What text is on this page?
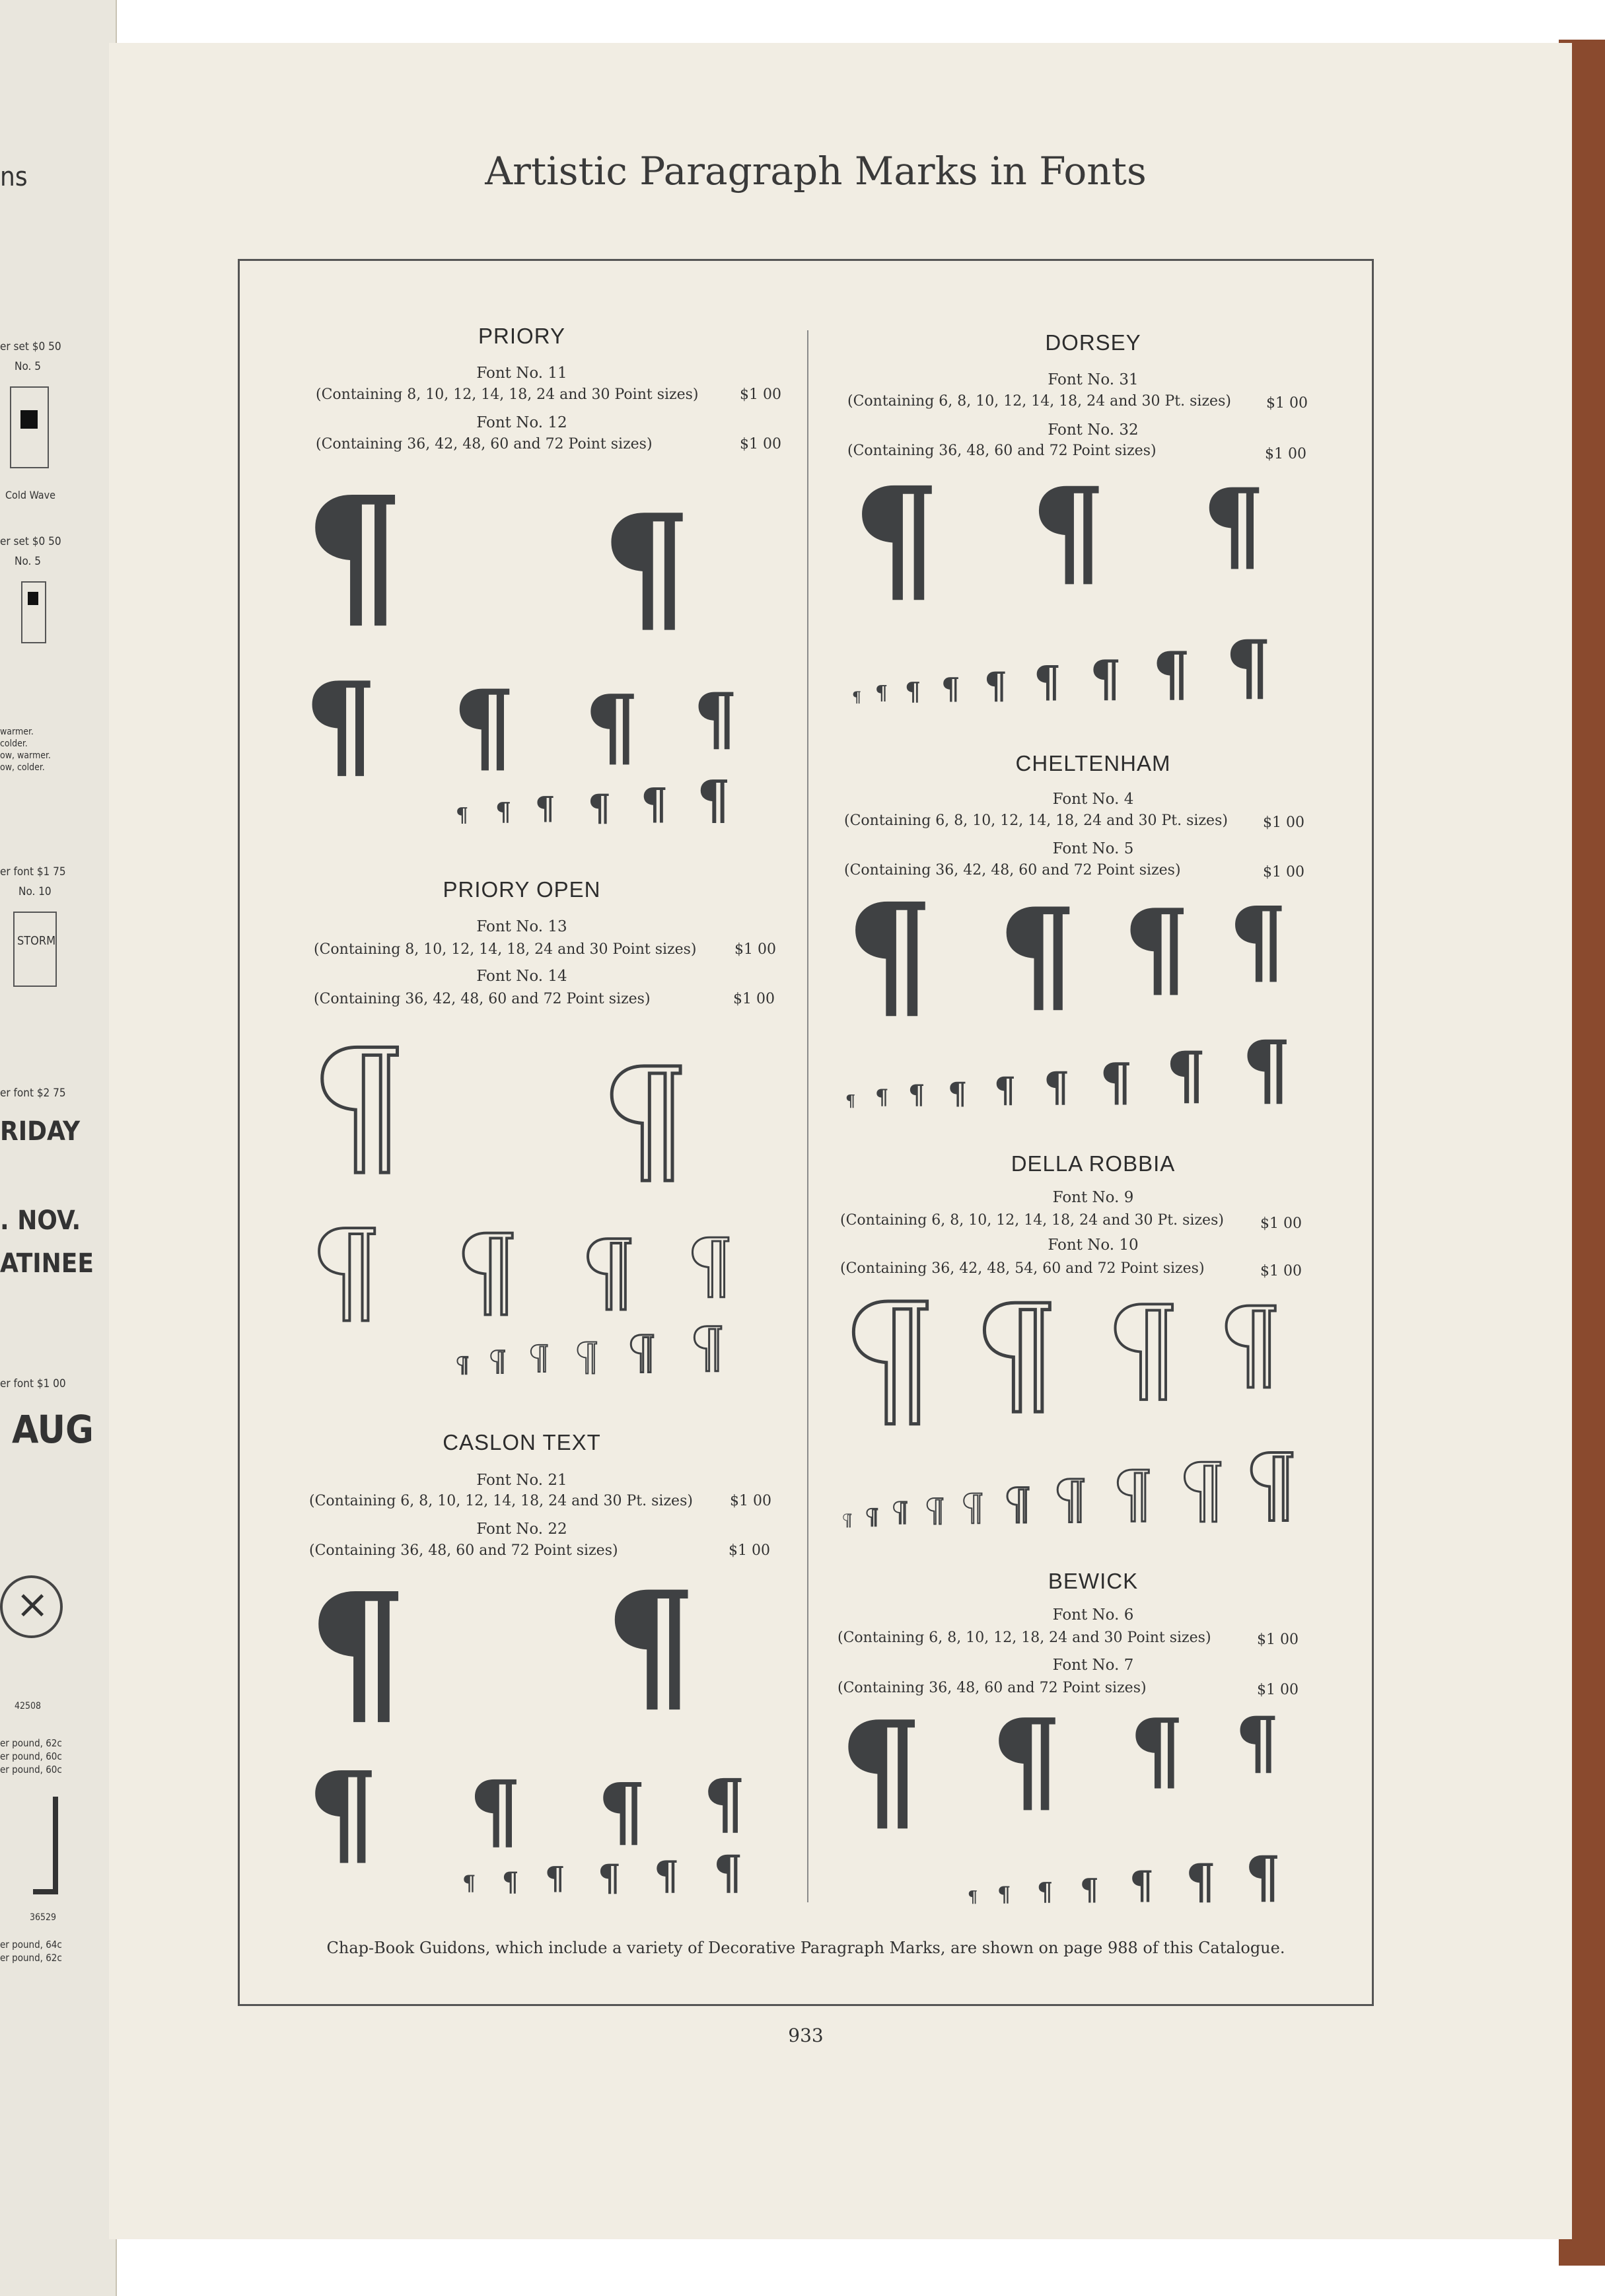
ns
er set $0 50
No. 5
Cold Wave
er set $0 50
No. 5
warmer.
colder.
ow, warmer.
ow, colder.
er font $1 75
No. 10
STORM
er font $2 75
RIDAY
. NOV.
ATINEE
er font $1 00
AUG
×
42508
er pound, 62c
er pound, 60c
er pound, 60c
36529
er pound, 64c
er pound, 62c
Artistic Paragraph Marks in Fonts
PRIORY
Font No. 11
(Containing 8, 10, 12, 14, 18, 24 and 30 Point sizes)	$1 00
Font No. 12
(Containing 36, 42, 48, 60 and 72 Point sizes)	$1 00
¶ ¶
¶ ¶ ¶ ¶
¶ ¶ ¶ ¶ ¶ ¶
PRIORY OPEN
Font No. 13
(Containing 8, 10, 12, 14, 18, 24 and 30 Point sizes)	$1 00
Font No. 14
(Containing 36, 42, 48, 60 and 72 Point sizes)	$1 00
¶ ¶
¶ ¶ ¶ ¶
¶ ¶ ¶ ¶ ¶ ¶
CASLON TEXT
Font No. 21
(Containing 6, 8, 10, 12, 14, 18, 24 and 30 Pt. sizes)	$1 00
Font No. 22
(Containing 36, 48, 60 and 72 Point sizes)	$1 00
¶ ¶
¶ ¶ ¶ ¶
¶ ¶ ¶ ¶ ¶ ¶
DORSEY
Font No. 31
(Containing 6, 8, 10, 12, 14, 18, 24 and 30 Pt. sizes) $1 00
Font No. 32
(Containing 36, 48, 60 and 72 Point sizes)	$1 00
¶ ¶ ¶
¶ ¶ ¶ ¶ ¶ ¶ ¶ ¶ ¶
CHELTENHAM
Font No. 4
(Containing 6, 8, 10, 12, 14, 18, 24 and 30 Pt. sizes) $1 00
Font No. 5
(Containing 36, 42, 48, 60 and 72 Point sizes)	$1 00
¶ ¶ ¶ ¶
¶ ¶ ¶ ¶ ¶ ¶ ¶ ¶ ¶
DELLA ROBBIA
Font No. 9
(Containing 6, 8, 10, 12, 14, 18, 24 and 30 Pt. sizes)	$1 00
Font No. 10
(Containing 36, 42, 48, 54, 60 and 72 Point sizes)	$1 00
¶ ¶ ¶ ¶
¶ ¶ ¶ ¶ ¶ ¶ ¶ ¶ ¶ ¶
BEWICK
Font No. 6
(Containing 6, 8, 10, 12, 18, 24 and 30 Point sizes)	$1 00
Font No. 7
(Containing 36, 48, 60 and 72 Point sizes)	$1 00
¶ ¶ ¶ ¶
¶ ¶ ¶ ¶ ¶ ¶ ¶
Chap-Book Guidons, which include a variety of Decorative Paragraph Marks, are shown on page 988 of this Catalogue.
933
